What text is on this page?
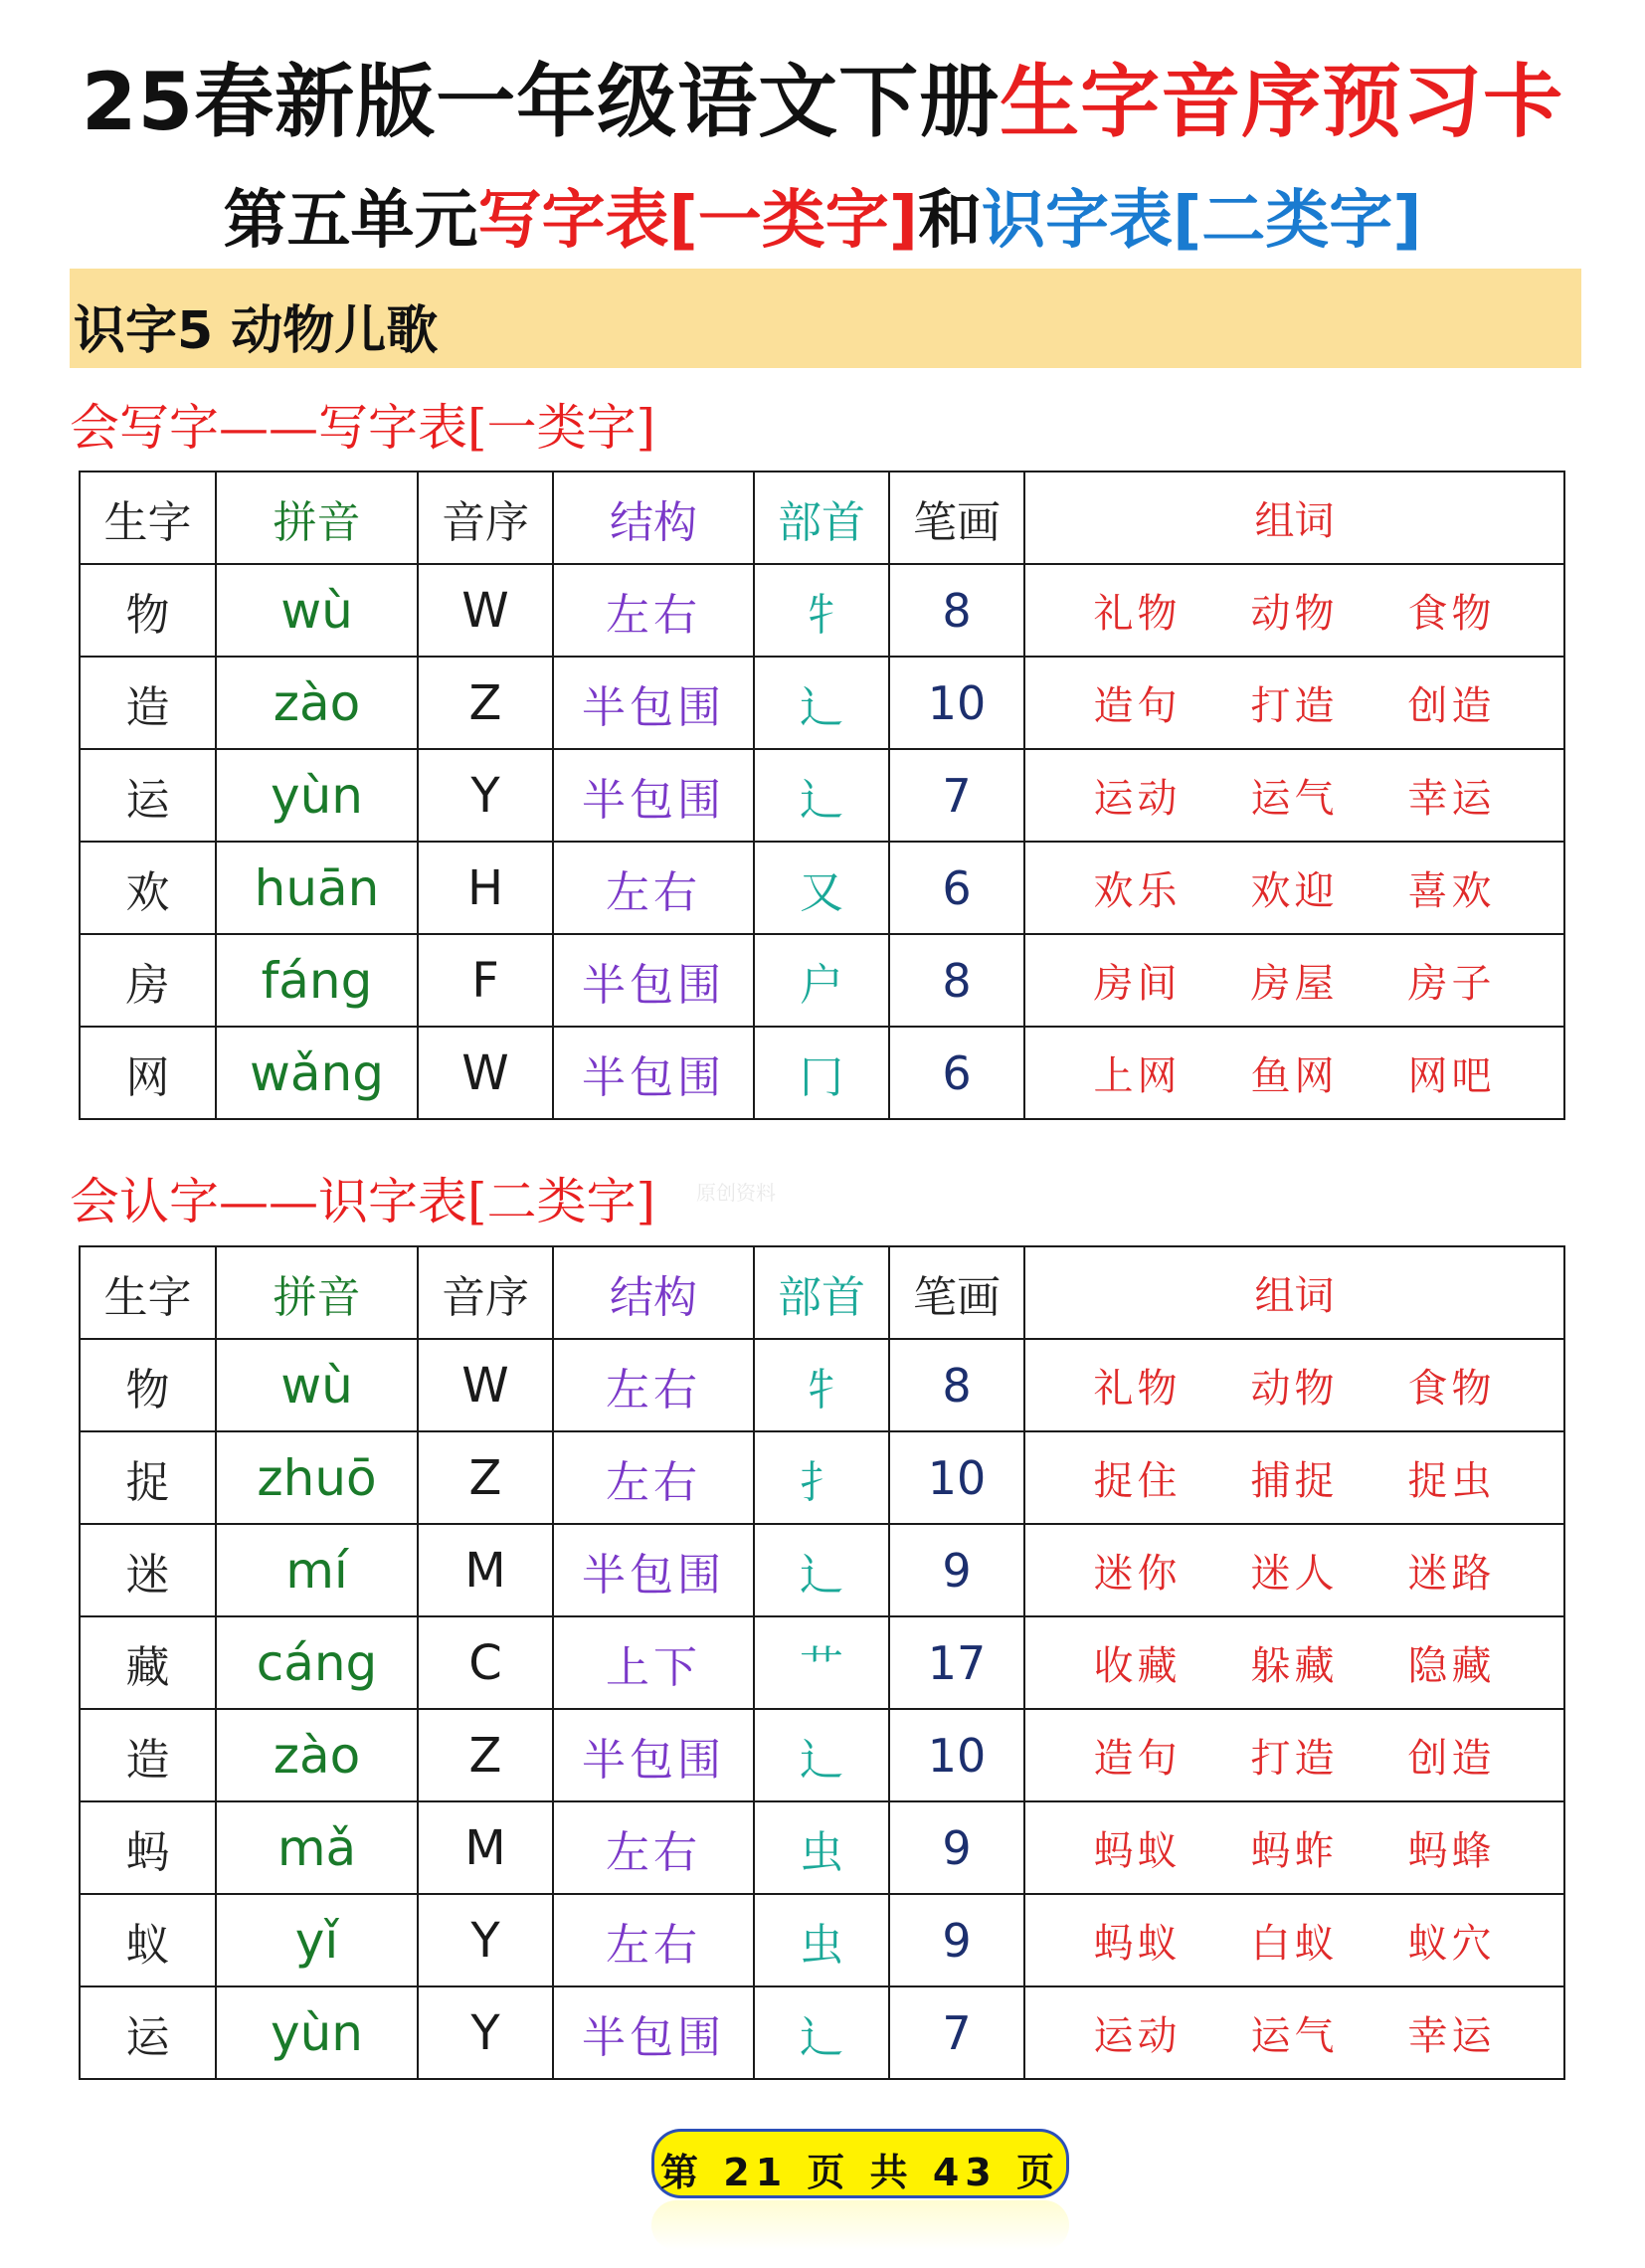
25春新版一年级语文下册生字音序预习卡
第五单元写字表[一类字]和识字表[二类字]
识字5 动物儿歌
会写字——写字表[一类字]
生字	拼音	音序	结构	部首	笔画	组词
物	wù	W	左右	牜	8	礼物 动物 食物
造	zào	Z	半包围	辶	10	造句 打造 创造
运	yùn	Y	半包围	辶	7	运动 运气 幸运
欢	huān	H	左右	又	6	欢乐 欢迎 喜欢
房	fáng	F	半包围	户	8	房间 房屋 房子
网	wǎng	W	半包围	冂	6	上网 鱼网 网吧
会认字——识字表[二类字] 原创资料
生字	拼音	音序	结构	部首	笔画	组词
物	wù	W	左右	牜	8	礼物 动物 食物
捉	zhuō	Z	左右	扌	10	捉住 捕捉 捉虫
迷	mí	M	半包围	辶	9	迷你 迷人 迷路
藏	cáng	C	上下	艹	17	收藏 躲藏 隐藏
造	zào	Z	半包围	辶	10	造句 打造 创造
蚂	mǎ	M	左右	虫	9	蚂蚁 蚂蚱 蚂蜂
蚁	yǐ	Y	左右	虫	9	蚂蚁 白蚁 蚁穴
运	yùn	Y	半包围	辶	7	运动 运气 幸运
第 21 页 共 43 页
